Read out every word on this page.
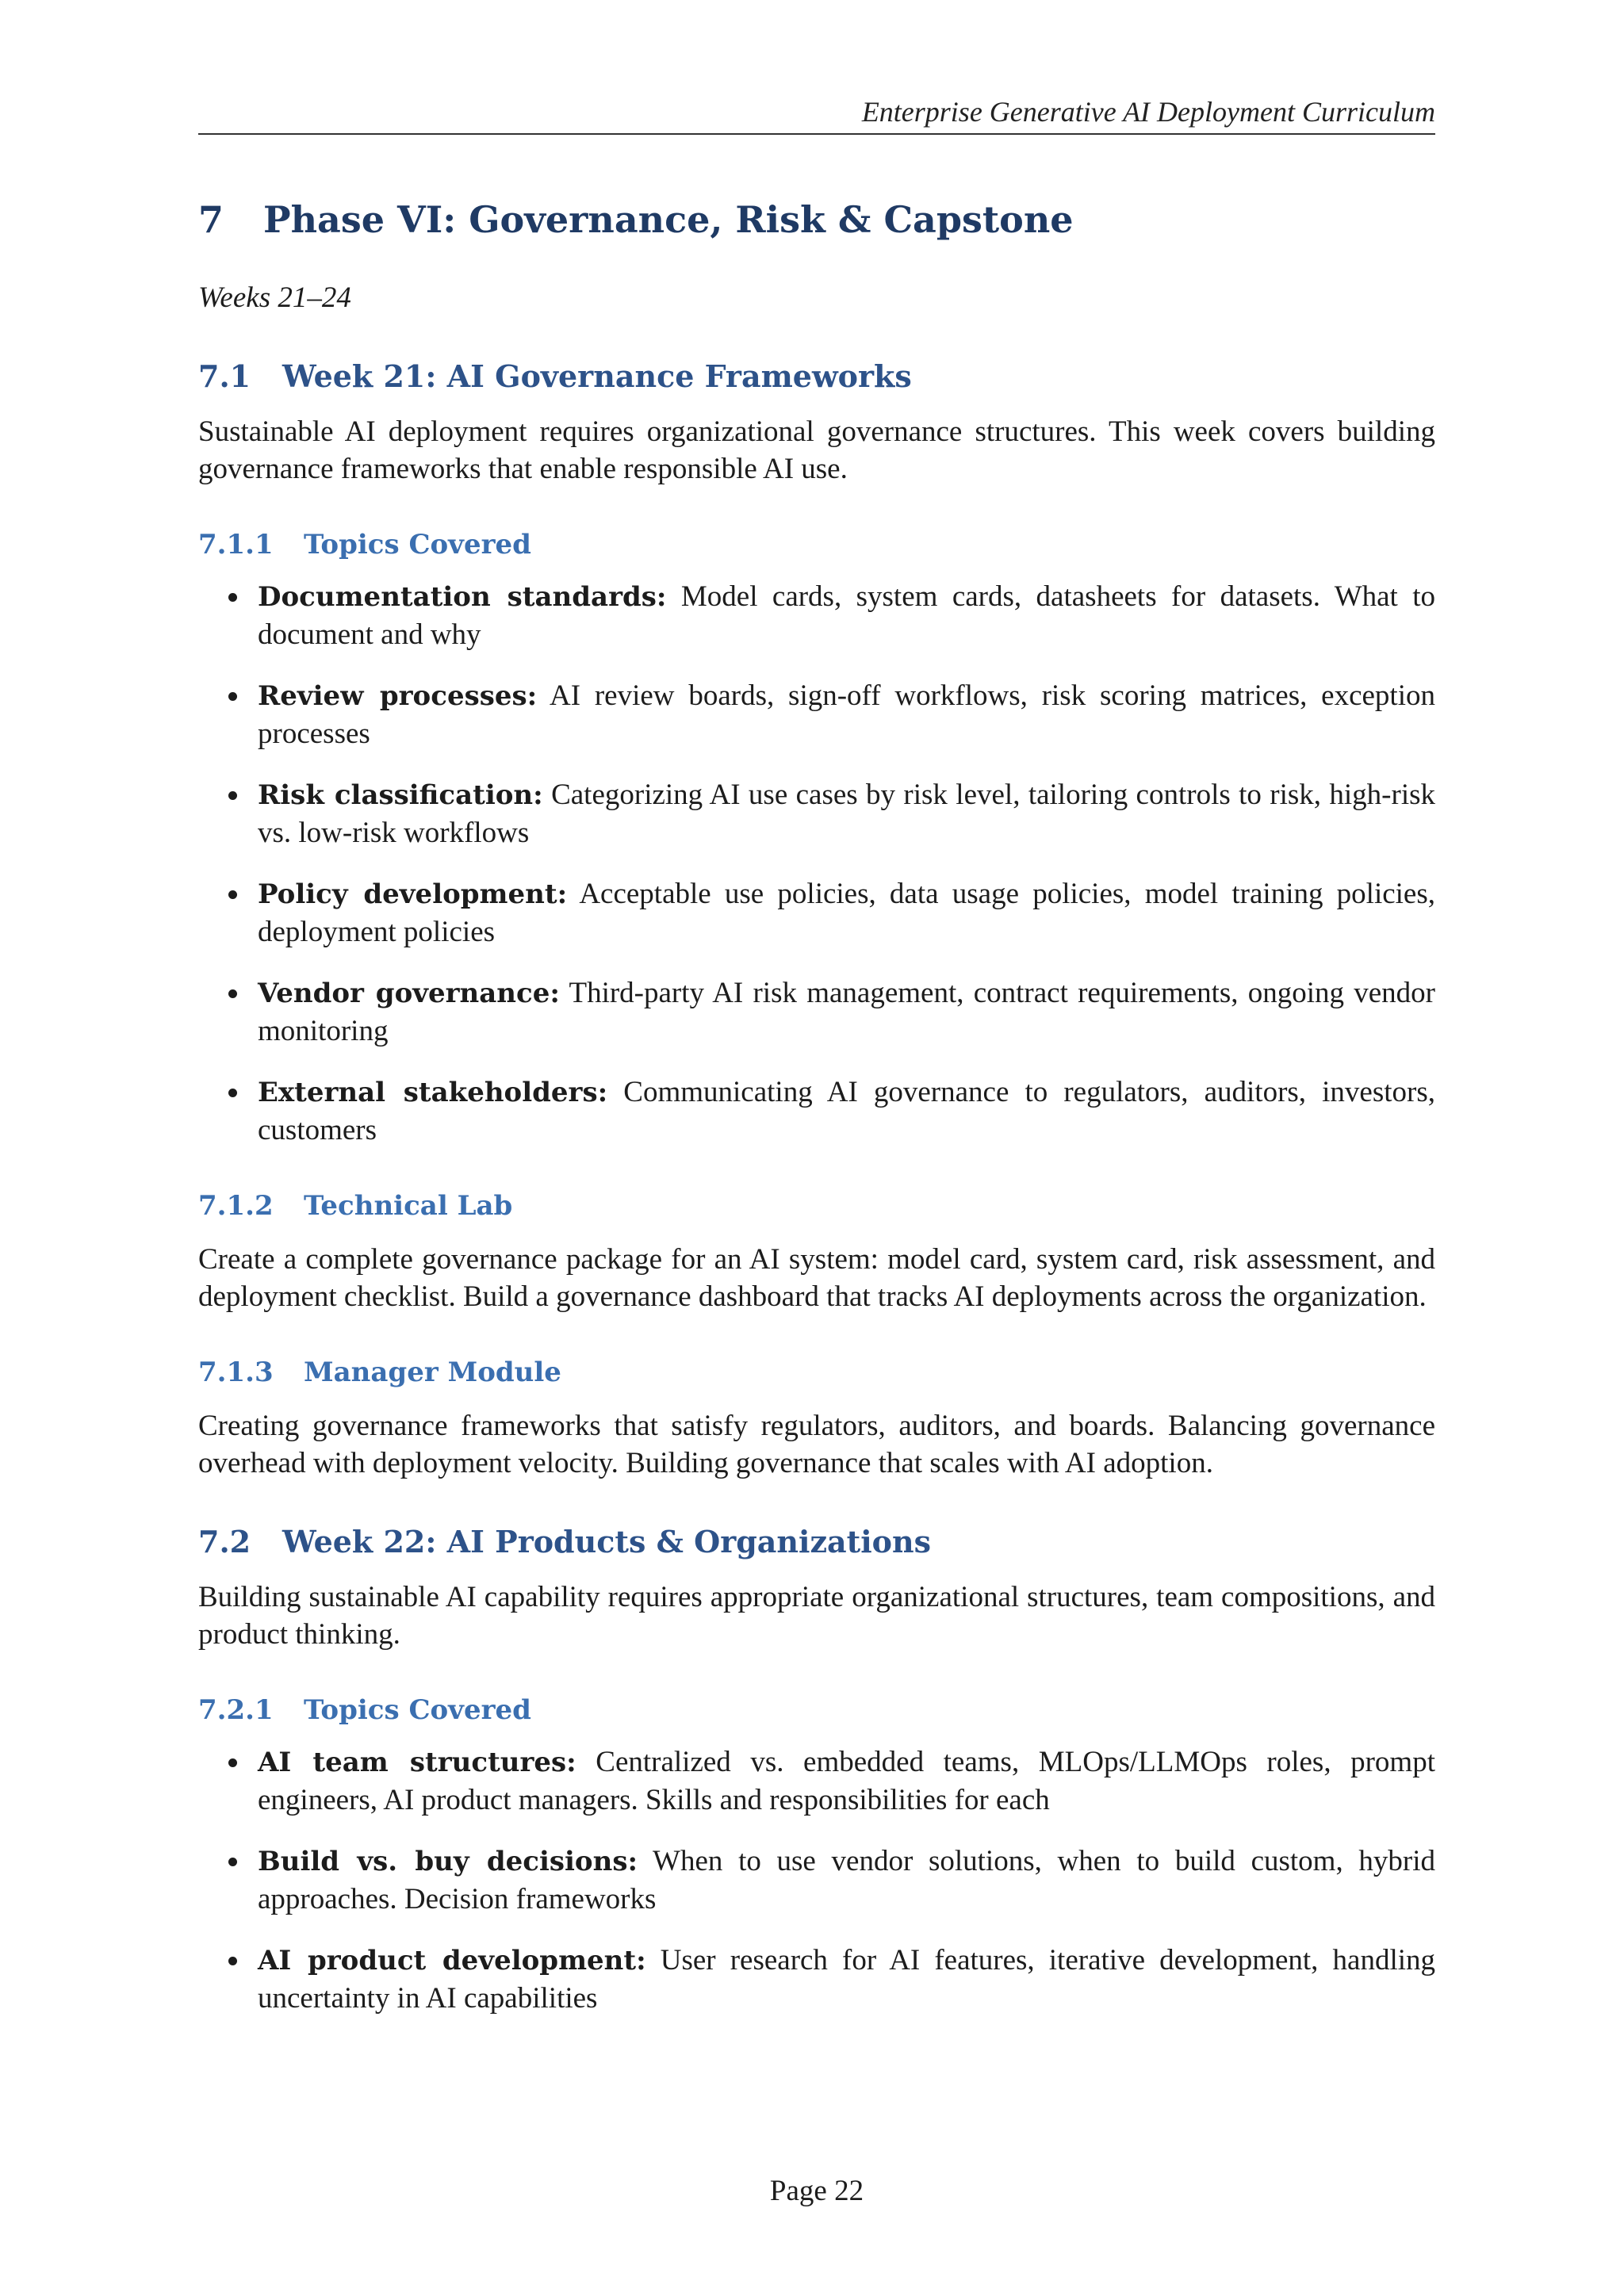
Enterprise Generative AI Deployment Curriculum
7 Phase VI: Governance, Risk & Capstone
Weeks 21–24
7.1 Week 21: AI Governance Frameworks

Sustainable AI deployment requires organizational governance structures. This week covers building governance frameworks that enable responsible AI use.

7.1.1 Topics Covered
Documentation standards: Model cards, system cards, datasheets for datasets. What to document and why
Review processes: AI review boards, sign-off workflows, risk scoring matrices, exception processes
Risk classification: Categorizing AI use cases by risk level, tailoring controls to risk, high-risk vs. low-risk workflows
Policy development: Acceptable use policies, data usage policies, model training policies, deployment policies
Vendor governance: Third-party AI risk management, contract requirements, ongoing vendor monitoring
External stakeholders: Communicating AI governance to regulators, auditors, investors, customers
7.1.2 Technical Lab

Create a complete governance package for an AI system: model card, system card, risk assessment, and deployment checklist. Build a governance dashboard that tracks AI deployments across the organization.

7.1.3 Manager Module

Creating governance frameworks that satisfy regulators, auditors, and boards. Balancing governance overhead with deployment velocity. Building governance that scales with AI adoption.

7.2 Week 22: AI Products & Organizations

Building sustainable AI capability requires appropriate organizational structures, team compositions, and product thinking.

7.2.1 Topics Covered
AI team structures: Centralized vs. embedded teams, MLOps/LLMOps roles, prompt engineers, AI product managers. Skills and responsibilities for each
Build vs. buy decisions: When to use vendor solutions, when to build custom, hybrid approaches. Decision frameworks
AI product development: User research for AI features, iterative development, handling uncertainty in AI capabilities
Page 22
